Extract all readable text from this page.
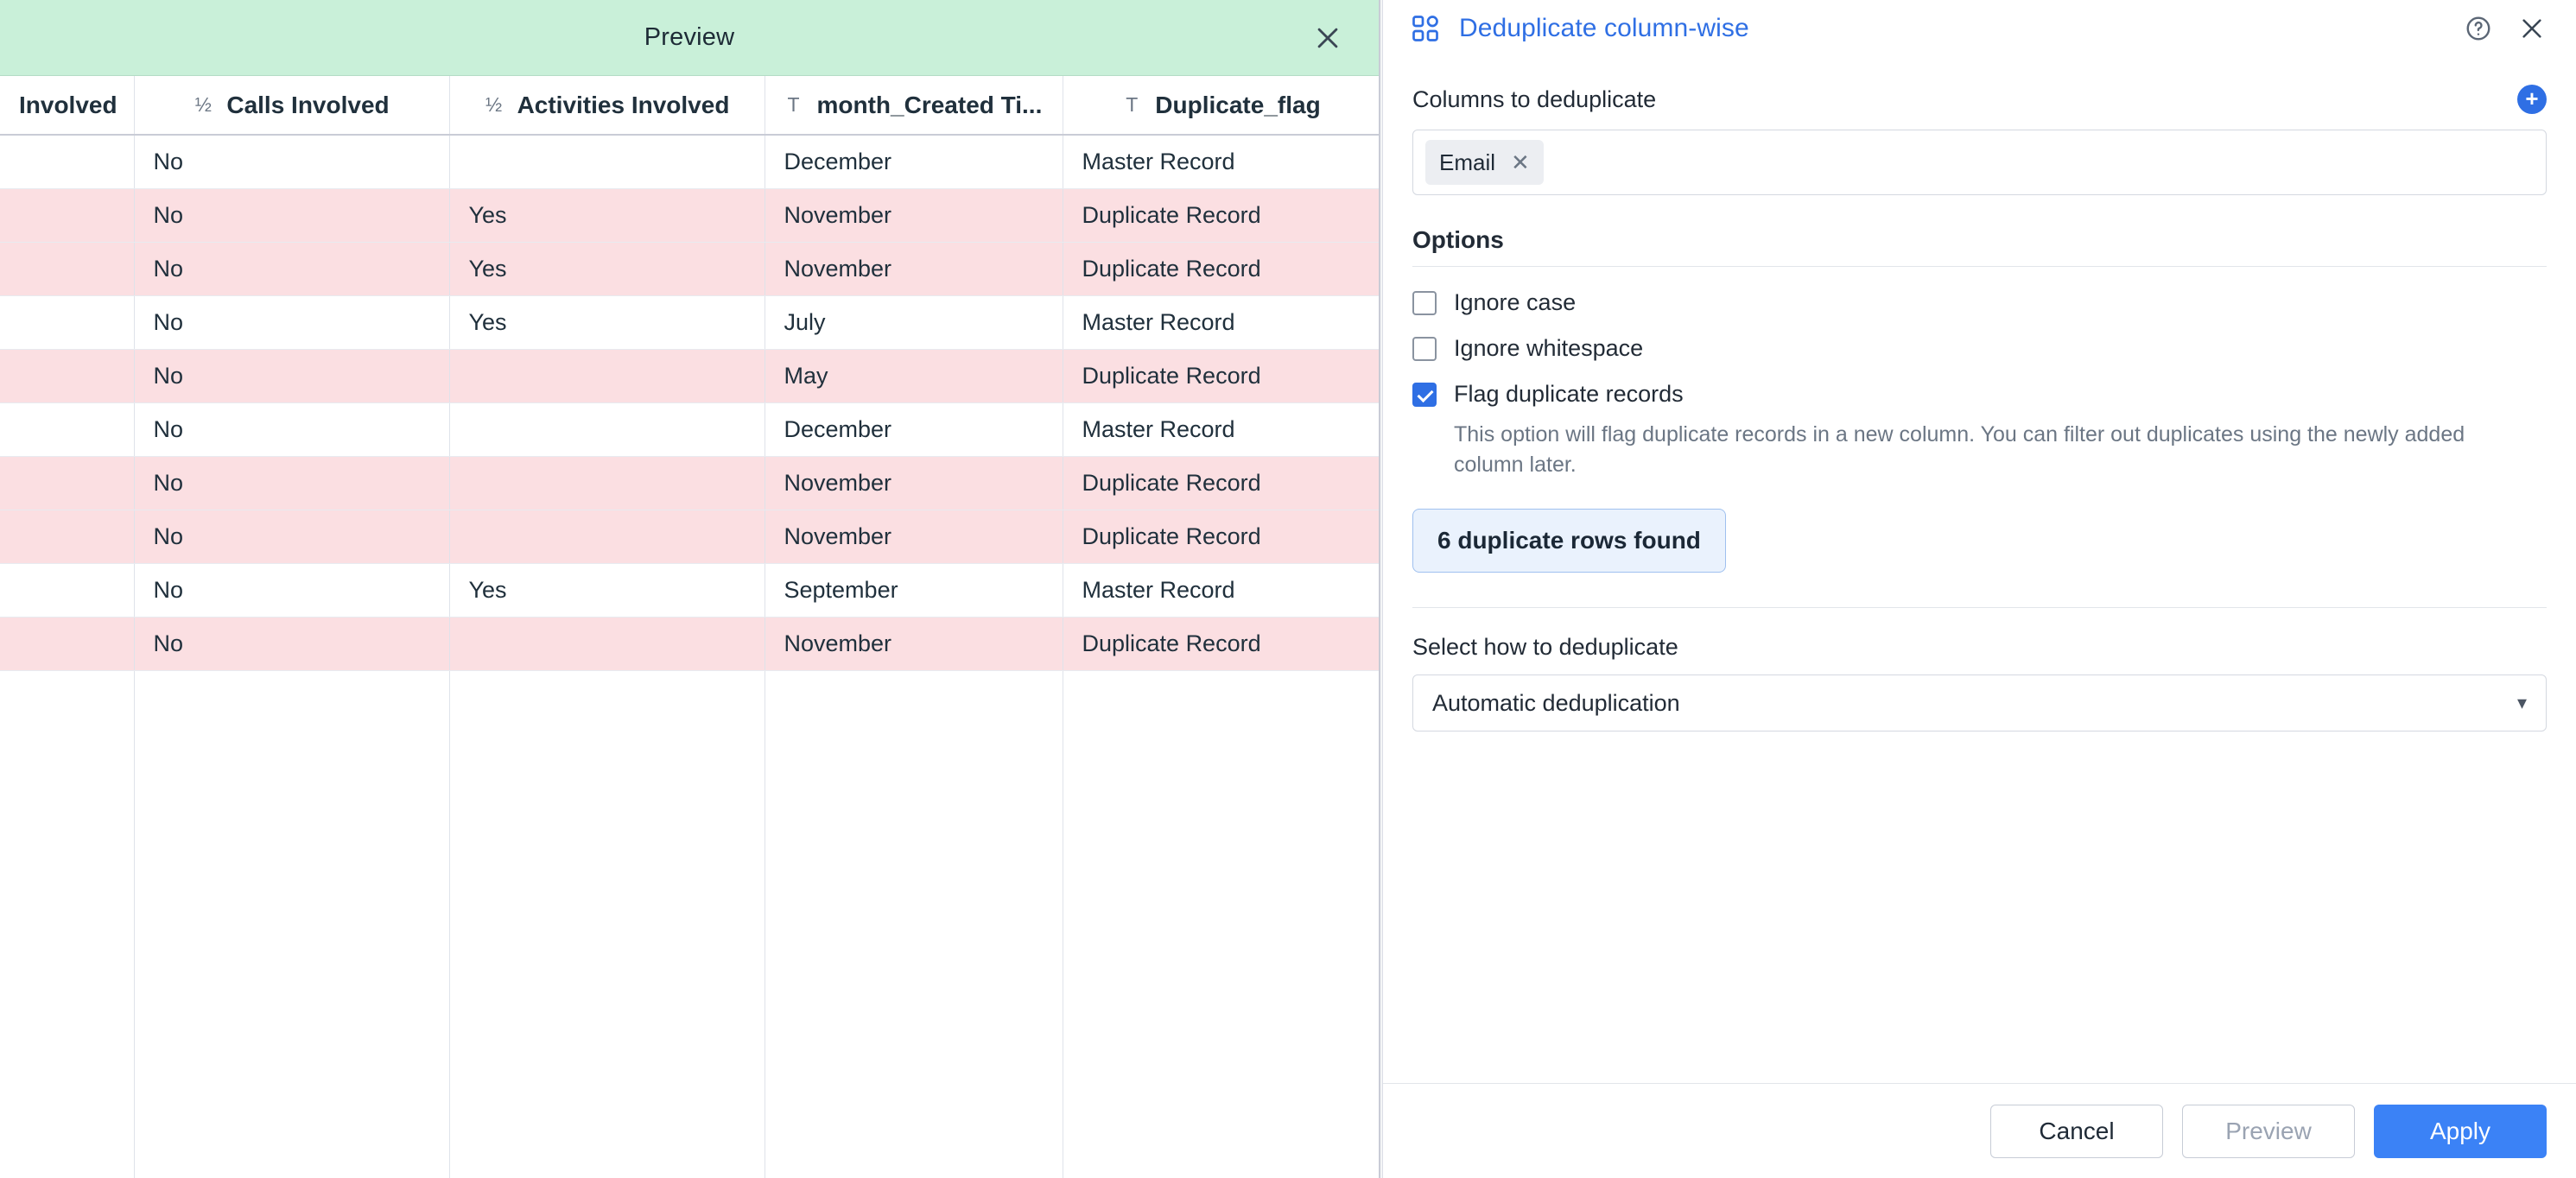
Preview
Involved	½ Calls Involved	½ Activities Involved	T month_Created Ti...	T Duplicate_flag

	No		December	Master Record
	No	Yes	November	Duplicate Record
	No	Yes	November	Duplicate Record
	No	Yes	July	Master Record
	No		May	Duplicate Record
	No		December	Master Record
	No		November	Duplicate Record
	No		November	Duplicate Record
	No	Yes	September	Master Record
	No		November	Duplicate Record

Deduplicate column-wise
Columns to deduplicate	+
Email ✕
Options
Ignore case
Ignore whitespace
Flag duplicate records
This option will flag duplicate records in a new column. You can filter out duplicates using the newly added column later.
6 duplicate rows found
Select how to deduplicate
Automatic deduplication	▾
Cancel	Preview	Apply
